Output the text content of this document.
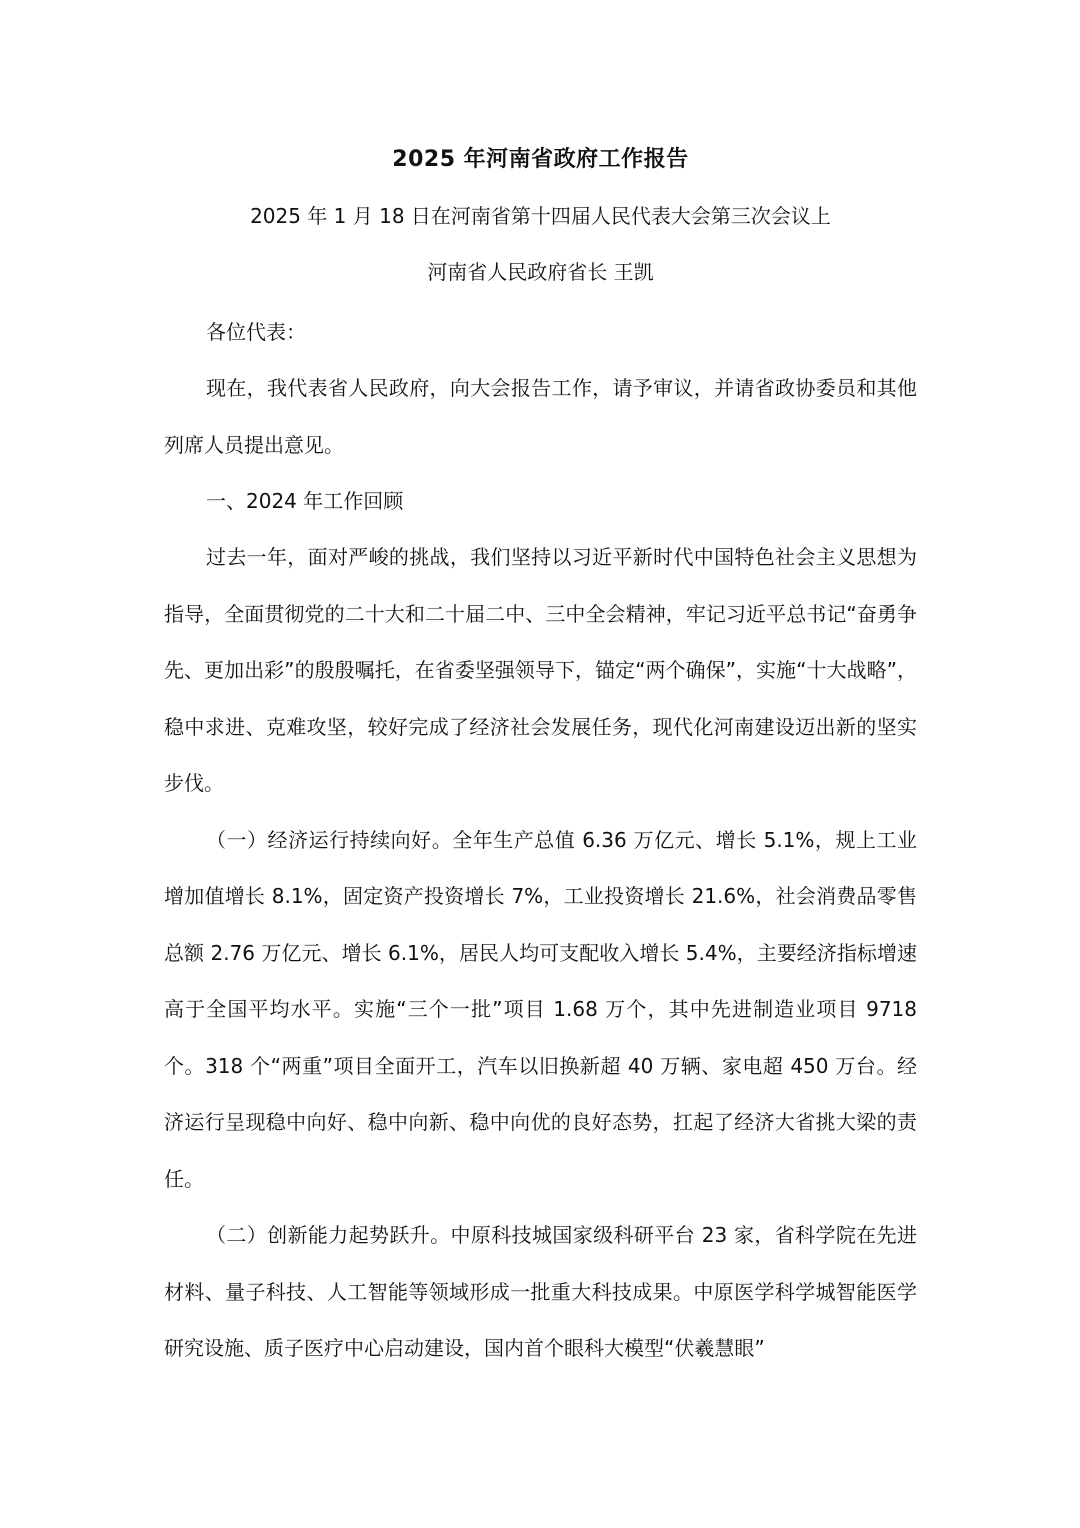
2025 年河南省政府工作报告

2025 年 1 月 18 日在河南省第十四届人民代表大会第三次会议上

河南省人民政府省长 王凯

各位代表：

现在，我代表省人民政府，向大会报告工作，请予审议，并请省政协委员和其他列席人员提出意见。

一、2024 年工作回顾

过去一年，面对严峻的挑战，我们坚持以习近平新时代中国特色社会主义思想为指导，全面贯彻党的二十大和二十届二中、三中全会精神，牢记习近平总书记“奋勇争先、更加出彩”的殷殷嘱托，在省委坚强领导下，锚定“两个确保”，实施“十大战略”，稳中求进、克难攻坚，较好完成了经济社会发展任务，现代化河南建设迈出新的坚实步伐。

（一）经济运行持续向好。全年生产总值 6.36 万亿元、增长 5.1%，规上工业增加值增长 8.1%，固定资产投资增长 7%，工业投资增长 21.6%，社会消费品零售总额 2.76 万亿元、增长 6.1%，居民人均可支配收入增长 5.4%，主要经济指标增速高于全国平均水平。实施“三个一批”项目 1.68 万个，其中先进制造业项目 9718 个。318 个“两重”项目全面开工，汽车以旧换新超 40 万辆、家电超 450 万台。经济运行呈现稳中向好、稳中向新、稳中向优的良好态势，扛起了经济大省挑大梁的责任。

（二）创新能力起势跃升。中原科技城国家级科研平台 23 家，省科学院在先进材料、量子科技、人工智能等领域形成一批重大科技成果。中原医学科学城智能医学研究设施、质子医疗中心启动建设，国内首个眼科大模型“伏羲慧眼”
